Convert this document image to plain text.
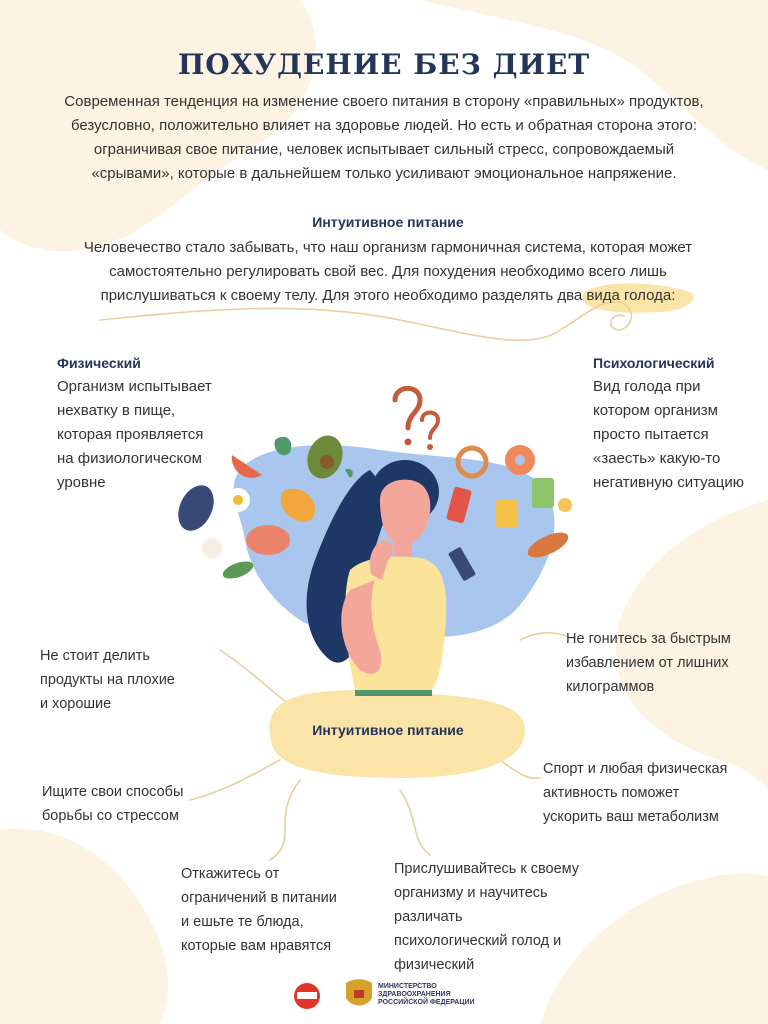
ПОХУДЕНИЕ БЕЗ ДИЕТ
Современная тенденция на изменение своего питания в сторону «правильных» продуктов,
безусловно, положительно влияет на здоровье людей. Но есть и обратная сторона этого:
ограничивая свое питание, человек испытывает сильный стресс, сопровождаемый
«срывами», которые в дальнейшем только усиливают эмоциональное напряжение.
Интуитивное питание
Человечество стало забывать, что наш организм гармоничная система, которая может
самостоятельно регулировать свой вес. Для похудения необходимо всего лишь
прислушиваться к своему телу. Для этого необходимо разделять два вида голода:
Физический
Организм испытывает
нехватку в пище,
которая проявляется
на физиологическом
уровне
Психологический
Вид голода при
котором организм
просто пытается
«заесть» какую-то
негативную ситуацию
Интуитивное питание
Не стоит делить
продукты на плохие
и хорошие
Не гонитесь за быстрым
избавлением от лишних
килограммов
Ищите свои способы
борьбы со стрессом
Спорт и любая физическая
активность поможет
ускорить ваш метаболизм
Откажитесь от
ограничений в питании
и ешьте те блюда,
которые вам нравятся
Прислушивайтесь к своему
организму и научитесь
различать
психологический голод и
физический
МИНИСТЕРСТВО
ЗДРАВООХРАНЕНИЯ
РОССИЙСКОЙ ФЕДЕРАЦИИ
